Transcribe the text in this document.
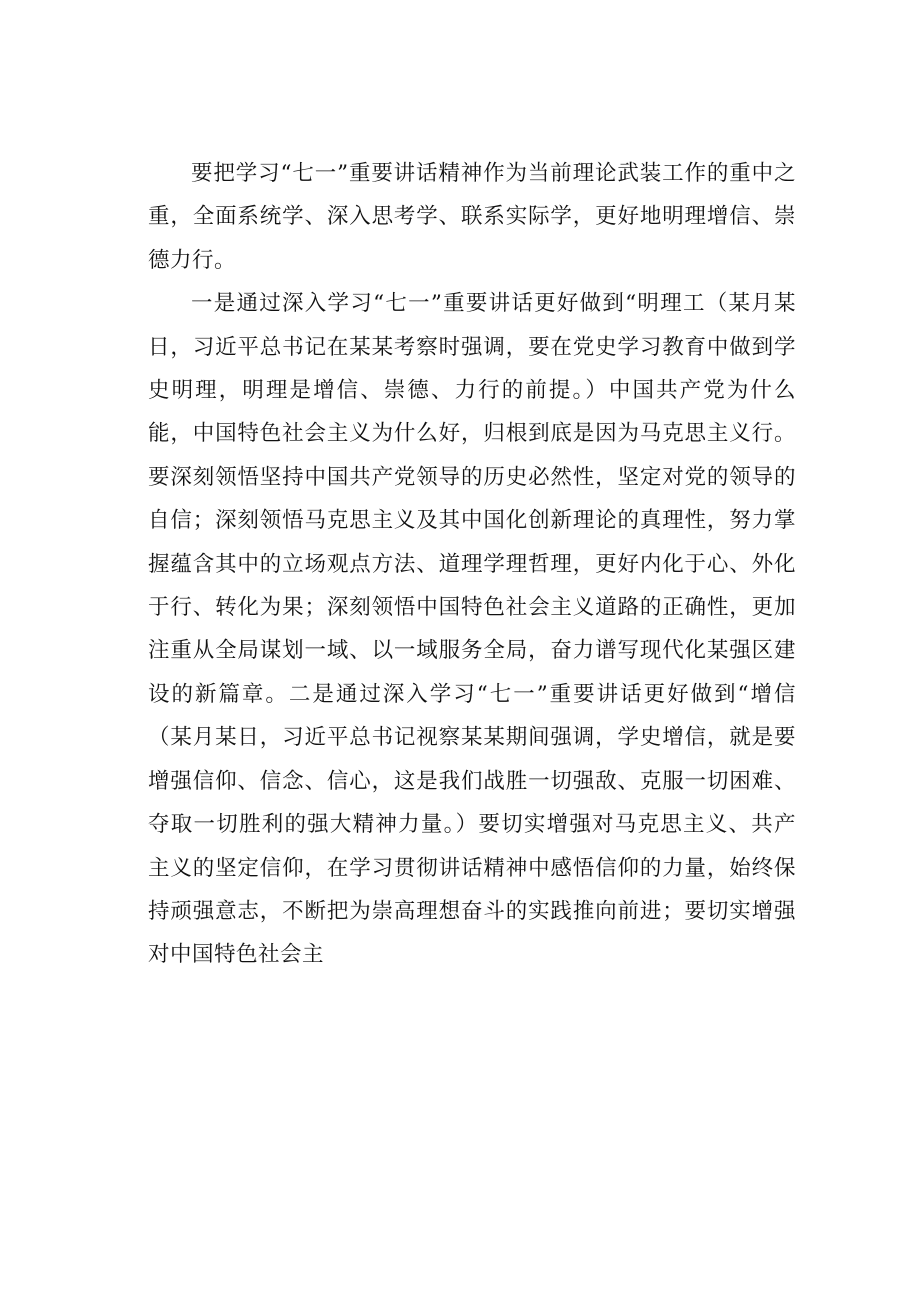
要把学习“七一”重要讲话精神作为当前理论武装工作的重中之重，全面系统学、深入思考学、联系实际学，更好地明理增信、崇德力行。

一是通过深入学习“七一”重要讲话更好做到“明理工（某月某日，习近平总书记在某某考察时强调，要在党史学习教育中做到学史明理，明理是增信、崇德、力行的前提。）中国共产党为什么能，中国特色社会主义为什么好，归根到底是因为马克思主义行。要深刻领悟坚持中国共产党领导的历史必然性，坚定对党的领导的自信；深刻领悟马克思主义及其中国化创新理论的真理性，努力掌握蕴含其中的立场观点方法、道理学理哲理，更好内化于心、外化于行、转化为果；深刻领悟中国特色社会主义道路的正确性，更加注重从全局谋划一域、以一域服务全局，奋力谱写现代化某强区建设的新篇章。二是通过深入学习“七一”重要讲话更好做到“增信（某月某日，习近平总书记视察某某期间强调，学史增信，就是要增强信仰、信念、信心，这是我们战胜一切强敌、克服一切困难、夺取一切胜利的强大精神力量。）要切实增强对马克思主义、共产主义的坚定信仰，在学习贯彻讲话精神中感悟信仰的力量，始终保持顽强意志，不断把为崇高理想奋斗的实践推向前进；要切实增强对中国特色社会主
